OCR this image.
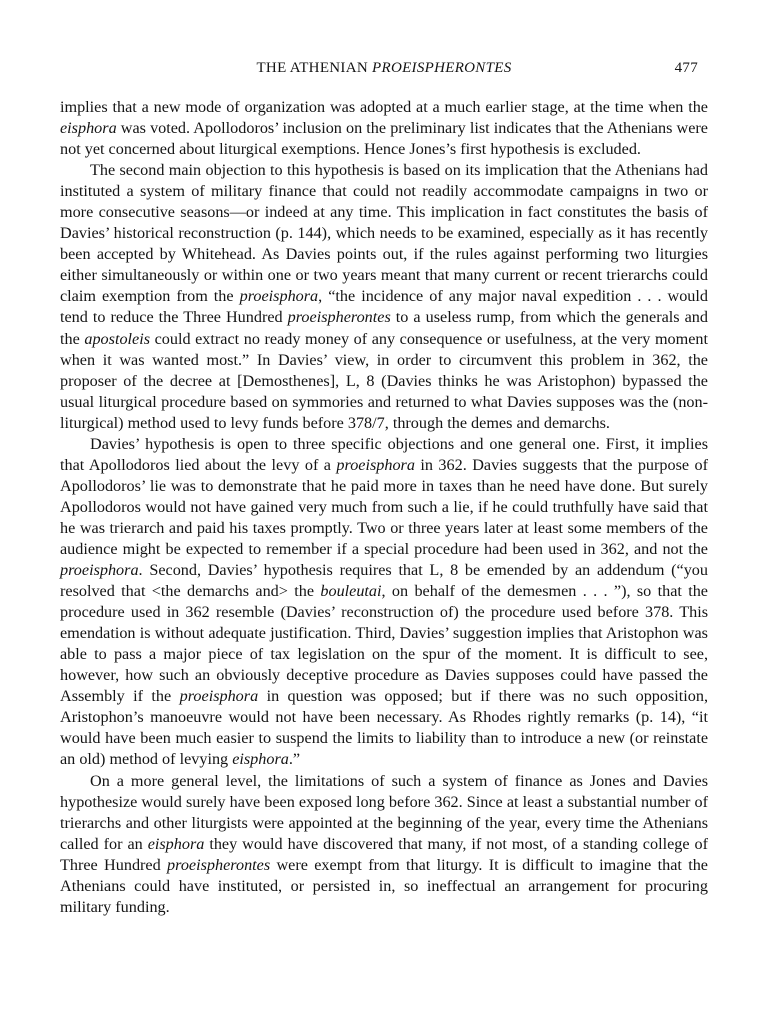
THE ATHENIAN PROEISPHERONTES	477

implies that a new mode of organization was adopted at a much earlier stage, at the time when the eisphora was voted. Apollodoros’ inclusion on the preliminary list indicates that the Athenians were not yet concerned about liturgical exemptions. Hence Jones’s first hypothesis is excluded.

The second main objection to this hypothesis is based on its implication that the Athenians had instituted a system of military finance that could not readily accommodate campaigns in two or more consecutive seasons—or indeed at any time. This implication in fact constitutes the basis of Davies’ historical reconstruction (p. 144), which needs to be examined, especially as it has recently been accepted by Whitehead. As Davies points out, if the rules against performing two liturgies either simultaneously or within one or two years meant that many current or recent trierarchs could claim exemption from the proeisphora, “the incidence of any major naval expedition . . . would tend to reduce the Three Hundred proeispherontes to a useless rump, from which the generals and the apostoleis could extract no ready money of any consequence or usefulness, at the very moment when it was wanted most.” In Davies’ view, in order to circumvent this problem in 362, the proposer of the decree at [Demosthenes], L, 8 (Davies thinks he was Aristophon) bypassed the usual liturgical procedure based on symmories and returned to what Davies supposes was the (non-liturgical) method used to levy funds before 378/7, through the demes and demarchs.

Davies’ hypothesis is open to three specific objections and one general one. First, it implies that Apollodoros lied about the levy of a proeisphora in 362. Davies suggests that the purpose of Apollodoros’ lie was to demonstrate that he paid more in taxes than he need have done. But surely Apollodoros would not have gained very much from such a lie, if he could truthfully have said that he was trierarch and paid his taxes promptly. Two or three years later at least some members of the audience might be expected to remember if a special procedure had been used in 362, and not the proeisphora. Second, Davies’ hypothesis requires that L, 8 be emended by an addendum (“you resolved that <the demarchs and> the bouleutai, on behalf of the demesmen . . . ”), so that the procedure used in 362 resemble (Davies’ reconstruction of) the procedure used before 378. This emendation is without adequate justification. Third, Davies’ suggestion implies that Aristophon was able to pass a major piece of tax legislation on the spur of the moment. It is difficult to see, however, how such an obviously deceptive procedure as Davies supposes could have passed the Assembly if the proeisphora in question was opposed; but if there was no such opposition, Aristophon’s manoeuvre would not have been necessary. As Rhodes rightly remarks (p. 14), “it would have been much easier to suspend the limits to liability than to introduce a new (or reinstate an old) method of levying eisphora.”

On a more general level, the limitations of such a system of finance as Jones and Davies hypothesize would surely have been exposed long before 362. Since at least a substantial number of trierarchs and other liturgists were appointed at the beginning of the year, every time the Athenians called for an eisphora they would have discovered that many, if not most, of a standing college of Three Hundred proeispherontes were exempt from that liturgy. It is difficult to imagine that the Athenians could have instituted, or persisted in, so ineffectual an arrangement for procuring military funding.
